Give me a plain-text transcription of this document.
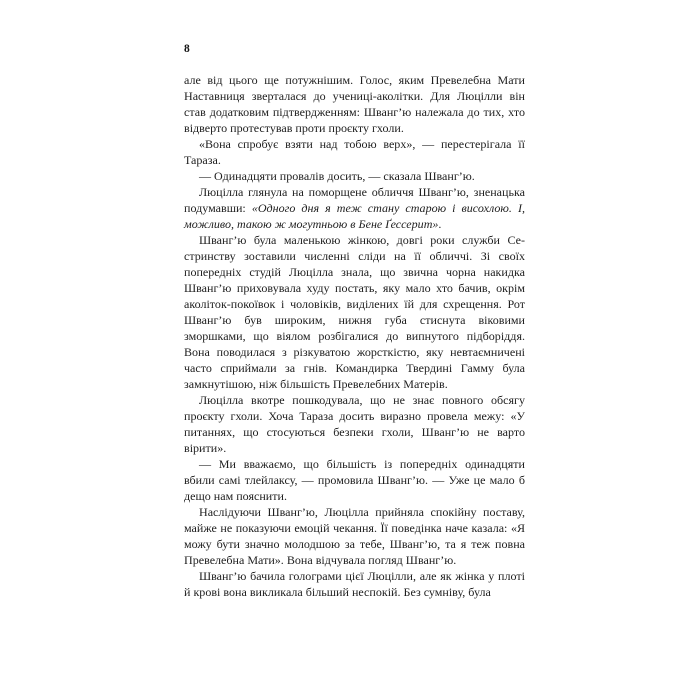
8

але від цього ще потужнішим. Голос, яким Превелебна Мати Наставниця зверталася до учениці-аколітки. Для Люцілли він став додатковим підтвердженням: Шванг’ю належала до тих, хто відверто протестував проти проєкту гхоли.

«Вона спробує взяти над тобою верх», — перестерігала її Тараза.

— Одинадцяти провалів досить, — сказала Шванг’ю.

Люцілла глянула на поморщене обличчя Шванг’ю, зненацька подумавши: «Одного дня я теж стану старою і висохлою. І, можливо, такою ж могутньою в Бене Ґессерит».

Шванг’ю була маленькою жінкою, довгі роки служби Сестринству зоставили численні сліди на її обличчі. Зі своїх попередніх студій Люцілла знала, що звична чорна накидка Шванг’ю приховувала худу постать, яку мало хто бачив, окрім аколіток-покоївок і чоловіків, виділених їй для схрещення. Рот Шванг’ю був широким, нижня губа стиснута віковими зморшками, що віялом розбігалися до випнутого підборіддя. Вона поводилася з різкуватою жорсткістю, яку невтаємничені часто сприймали за гнів. Командирка Твердині Гамму була замкнутішою, ніж більшість Превелебних Матерів.

Люцілла вкотре пошкодувала, що не знає повного обсягу проєкту гхоли. Хоча Тараза досить виразно провела межу: «У питаннях, що стосуються безпеки гхоли, Шванг’ю не варто вірити».

— Ми вважаємо, що більшість із попередніх одинадцяти вбили самі тлейлаксу, — промовила Шванг’ю. — Уже це мало б дещо нам пояснити.

Наслідуючи Шванг’ю, Люцілла прийняла спокійну поставу, майже не показуючи емоцій чекання. Її поведінка наче казала: «Я можу бути значно молодшою за тебе, Шванг’ю, та я теж повна Превелебна Мати». Вона відчувала погляд Шванг’ю.

Шванг’ю бачила голограми цієї Люцілли, але як жінка у плоті й крові вона викликала більший неспокій. Без сумніву, була
